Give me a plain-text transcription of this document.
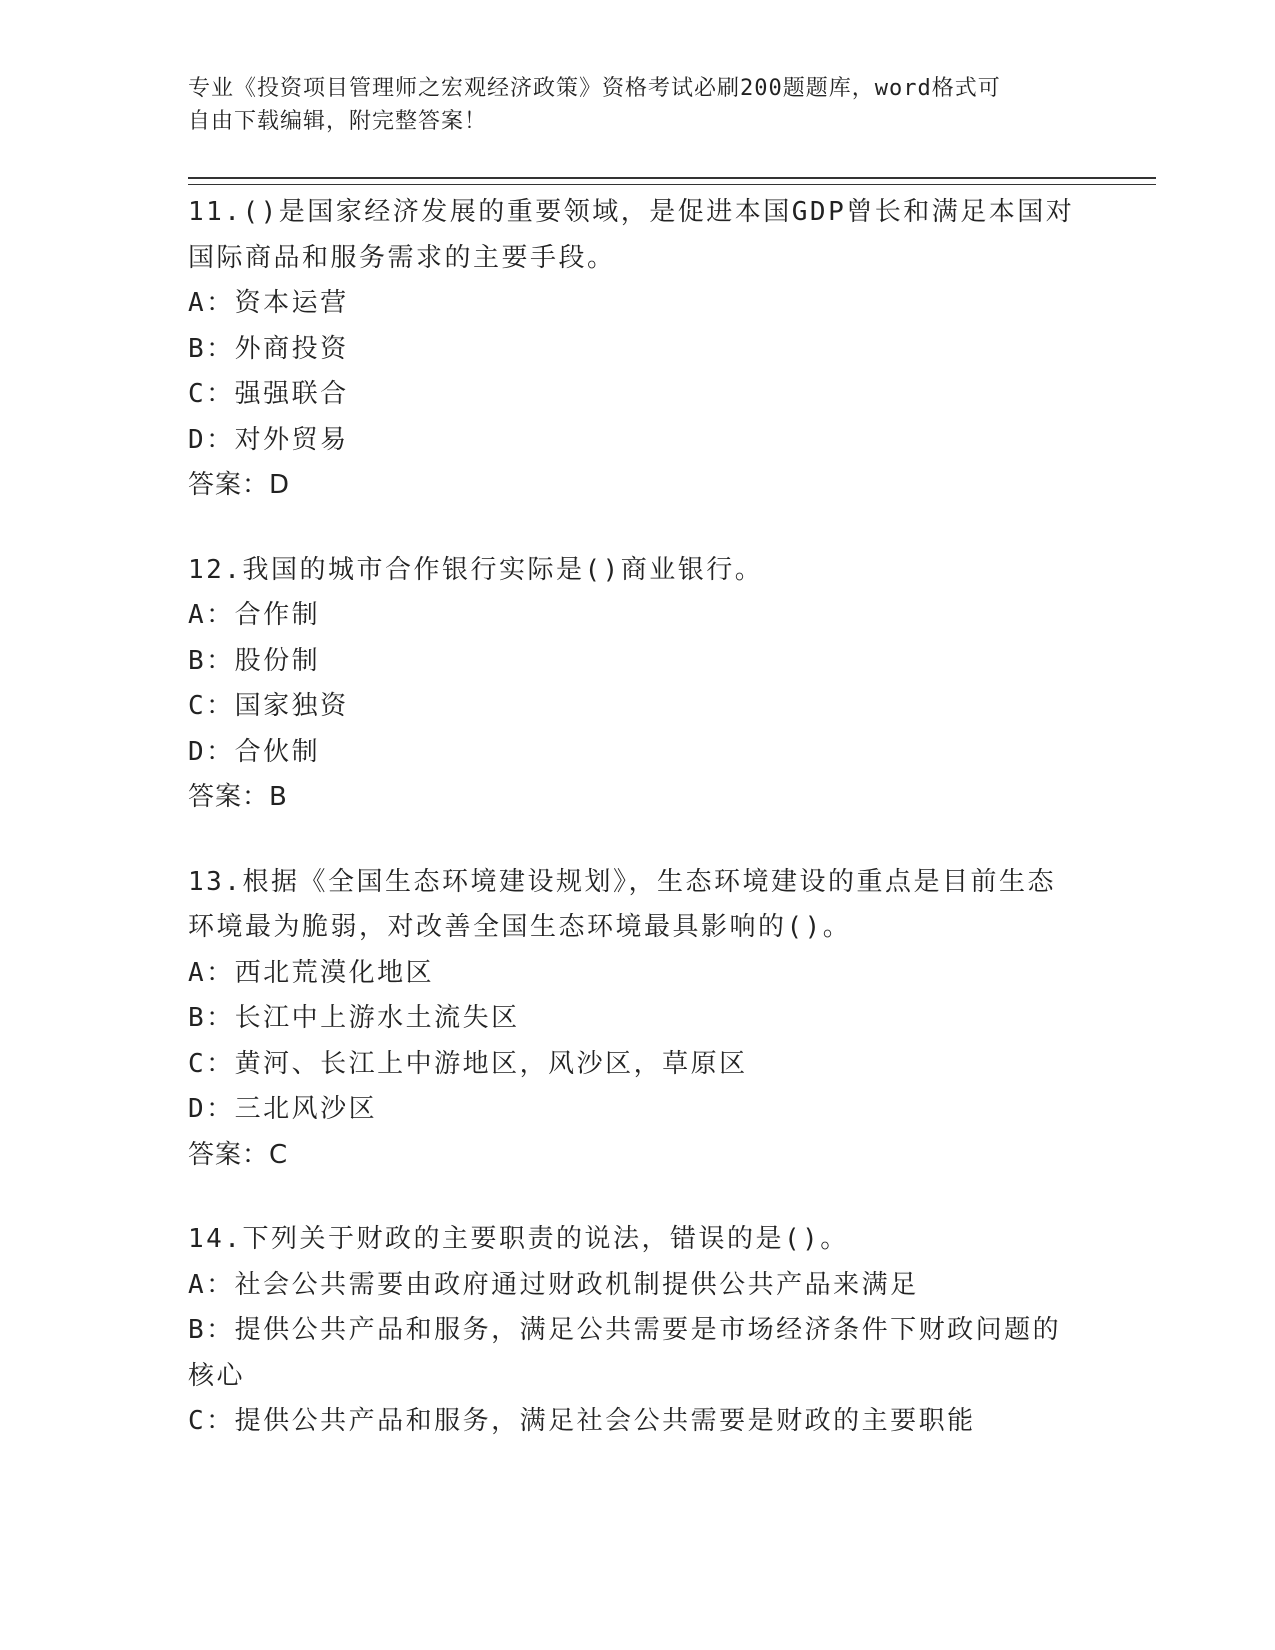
专业《投资项目管理师之宏观经济政策》资格考试必刷200题题库，word格式可
自由下载编辑，附完整答案！
11.()是国家经济发展的重要领域，是促进本国GDP曾长和满足本国对
国际商品和服务需求的主要手段。
A：资本运营
B：外商投资
C：强强联合
D：对外贸易
答案：D
12.我国的城市合作银行实际是()商业银行。
A：合作制
B：股份制
C：国家独资
D：合伙制
答案：B
13.根据《全国生态环境建设规划》，生态环境建设的重点是目前生态
环境最为脆弱，对改善全国生态环境最具影响的()。
A：西北荒漠化地区
B：长江中上游水土流失区
C：黄河、长江上中游地区，风沙区，草原区
D：三北风沙区
答案：C
14.下列关于财政的主要职责的说法，错误的是()。
A：社会公共需要由政府通过财政机制提供公共产品来满足
B：提供公共产品和服务，满足公共需要是市场经济条件下财政问题的
核心
C：提供公共产品和服务，满足社会公共需要是财政的主要职能
